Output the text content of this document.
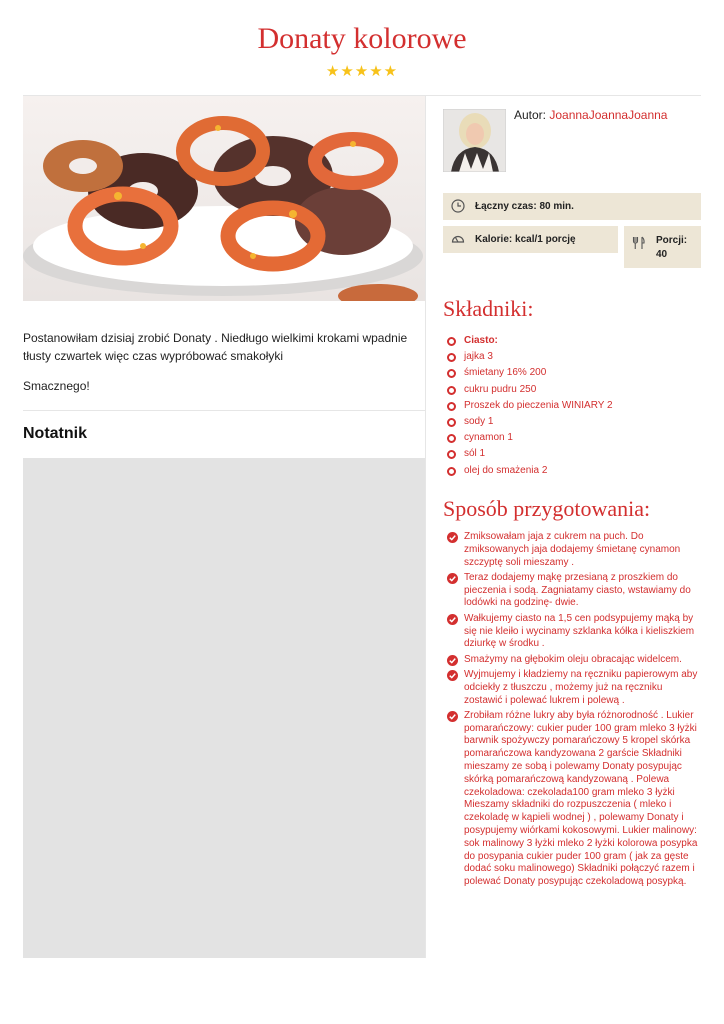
Donaty kolorowe
★★★★★

Postanowiłam dzisiaj zrobić Donaty . Niedługo wielkimi krokami wpadnie tłusty czwartek więc czas wypróbować smakołyki

Smacznego!

Notatnik
Autor: JoannaJoannaJoanna
Łączny czas: 80 min.
Kalorie: kcal/1 porcję	Porcji:
40
Składniki:
Ciasto:
jajka 3
śmietany 16% 200
cukru pudru 250
Proszek do pieczenia WINIARY 2
sody 1
cynamon 1
sól 1
olej do smażenia 2
Sposób przygotowania:
Zmiksowałam jaja z cukrem na puch. Do zmiksowanych jaja dodajemy śmietanę cynamon szczyptę soli mieszamy .
Teraz dodajemy mąkę przesianą z proszkiem do pieczenia i sodą. Zagniatamy ciasto, wstawiamy do lodówki na godzinę- dwie.
Wałkujemy ciasto na 1,5 cen podsypujemy mąką by się nie kleiło i wycinamy szklanka kółka i kieliszkiem dziurkę w środku .
Smażymy na głębokim oleju obracając widelcem.
Wyjmujemy i kładziemy na ręczniku papierowym aby odciekły z tłuszczu , możemy już na ręczniku zostawić i polewać lukrem i polewą .
Zrobiłam różne lukry aby była różnorodność . Lukier pomarańczowy: cukier puder 100 gram mleko 3 łyżki barwnik spożywczy pomarańczowy 5 kropel skórka pomarańczowa kandyzowana 2 garście Składniki mieszamy ze sobą i polewamy Donaty posypując skórką pomarańczową kandyzowaną . Polewa czekoladowa: czekolada100 gram mleko 3 łyżki Mieszamy składniki do rozpuszczenia ( mleko i czekoladę w kąpieli wodnej ) , polewamy Donaty i posypujemy wiórkami kokosowymi. Lukier malinowy: sok malinowy 3 łyżki mleko 2 łyżki kolorowa posypka do posypania cukier puder 100 gram ( jak za gęste dodać soku malinowego) Składniki połączyć razem i polewać Donaty posypując czekoladową posypką.
